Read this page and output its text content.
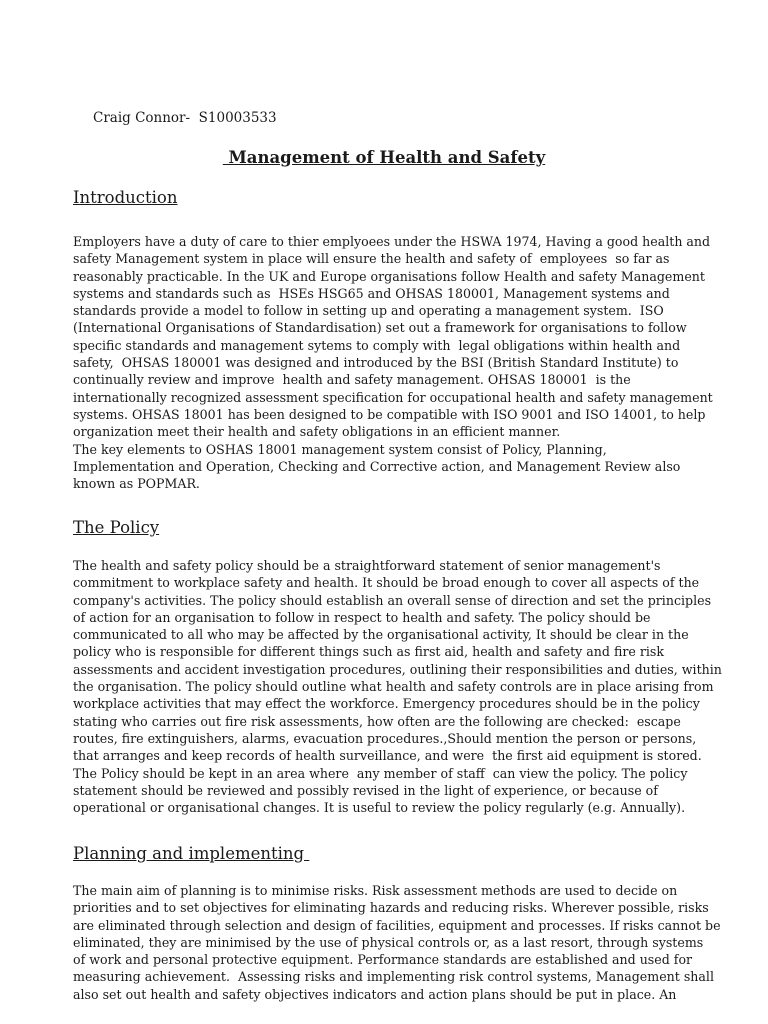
Craig Connor-  S10003533
Management of Health and Safety
Introduction
Employers have a duty of care to thier emplyoees under the HSWA 1974, Having a good health and
safety Management system in place will ensure the health and safety of  employees  so far as
reasonably practicable. In the UK and Europe organisations follow Health and safety Management
systems and standards such as  HSEs HSG65 and OHSAS 180001, Management systems and
standards provide a model to follow in setting up and operating a management system.  ISO
(International Organisations of Standardisation) set out a framework for organisations to follow
specific standards and management sytems to comply with  legal obligations within health and
safety,  OHSAS 180001 was designed and introduced by the BSI (British Standard Institute) to
continually review and improve  health and safety management. OHSAS 180001  is the
internationally recognized assessment specification for occupational health and safety management
systems. OHSAS 18001 has been designed to be compatible with ISO 9001 and ISO 14001, to help
organization meet their health and safety obligations in an efficient manner.
The key elements to OSHAS 18001 management system consist of Policy, Planning,
Implementation and Operation, Checking and Corrective action, and Management Review also
known as POPMAR.
The Policy
The health and safety policy should be a straightforward statement of senior management's
commitment to workplace safety and health. It should be broad enough to cover all aspects of the
company's activities. The policy should establish an overall sense of direction and set the principles
of action for an organisation to follow in respect to health and safety. The policy should be
communicated to all who may be affected by the organisational activity, It should be clear in the
policy who is responsible for different things such as first aid, health and safety and fire risk
assessments and accident investigation procedures, outlining their responsibilities and duties, within
the organisation. The policy should outline what health and safety controls are in place arising from
workplace activities that may effect the workforce. Emergency procedures should be in the policy
stating who carries out fire risk assessments, how often are the following are checked:  escape
routes, fire extinguishers, alarms, evacuation procedures.,Should mention the person or persons,
that arranges and keep records of health surveillance, and were  the first aid equipment is stored.
The Policy should be kept in an area where  any member of staff  can view the policy. The policy
statement should be reviewed and possibly revised in the light of experience, or because of
operational or organisational changes. It is useful to review the policy regularly (e.g. Annually).
Planning and implementing
The main aim of planning is to minimise risks. Risk assessment methods are used to decide on
priorities and to set objectives for eliminating hazards and reducing risks. Wherever possible, risks
are eliminated through selection and design of facilities, equipment and processes. If risks cannot be
eliminated, they are minimised by the use of physical controls or, as a last resort, through systems
of work and personal protective equipment. Performance standards are established and used for
measuring achievement.  Assessing risks and implementing risk control systems, Management shall
also set out health and safety objectives indicators and action plans should be put in place. An
